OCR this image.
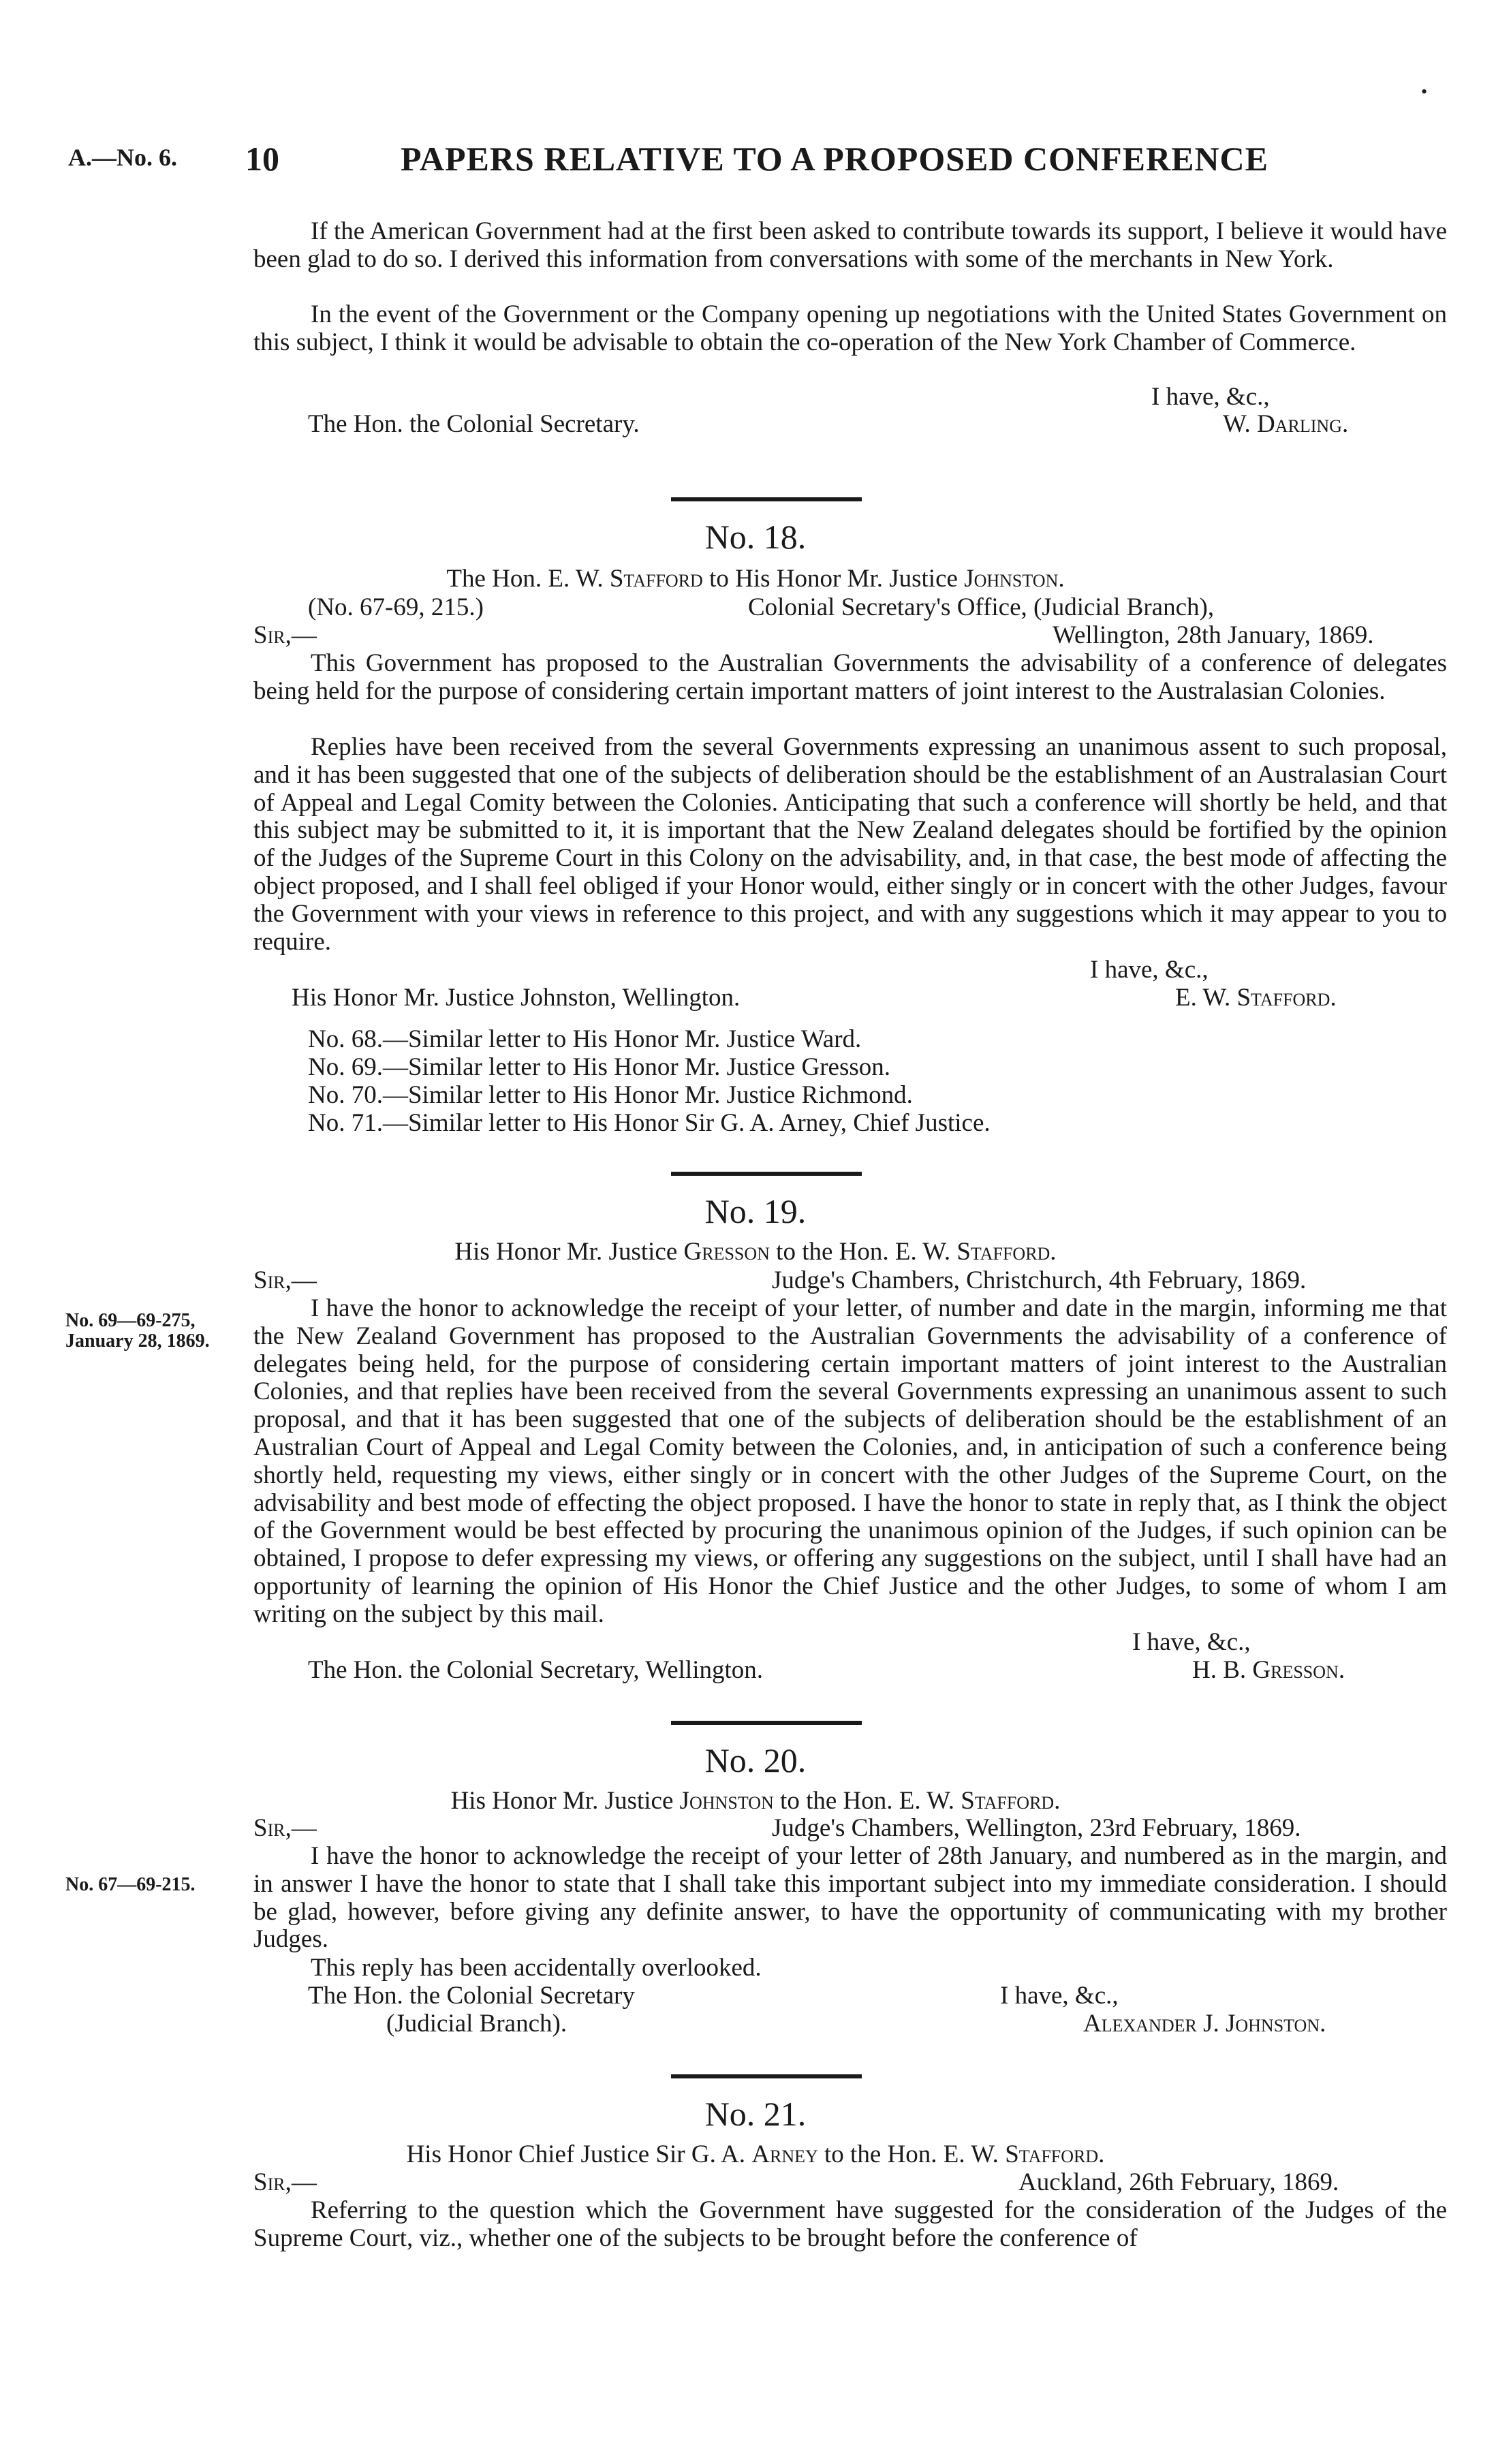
•
A.—No. 6. 10	PAPERS RELATIVE TO A PROPOSED CONFERENCE

If the American Government had at the first been asked to contribute towards its support, I believe it would have been glad to do so. I derived this information from conversations with some of the merchants in New York.

In the event of the Government or the Company opening up negotiations with the United States Government on this subject, I think it would be advisable to obtain the co-operation of the New York Chamber of Commerce.

I have, &c.,
The Hon. the Colonial Secretary.	W. Darling.
No. 18.
The Hon. E. W. Stafford to His Honor Mr. Justice Johnston.
(No. 67-69, 215.)	Colonial Secretary's Office, (Judicial Branch),
Sir,—	Wellington, 28th January, 1869.

This Government has proposed to the Australian Governments the advisability of a conference of delegates being held for the purpose of considering certain important matters of joint interest to the Australasian Colonies.

Replies have been received from the several Governments expressing an unanimous assent to such proposal, and it has been suggested that one of the subjects of deliberation should be the establishment of an Australasian Court of Appeal and Legal Comity between the Colonies. Anticipating that such a conference will shortly be held, and that this subject may be submitted to it, it is important that the New Zealand delegates should be fortified by the opinion of the Judges of the Supreme Court in this Colony on the advisability, and, in that case, the best mode of affecting the object proposed, and I shall feel obliged if your Honor would, either singly or in concert with the other Judges, favour the Government with your views in reference to this project, and with any suggestions which it may appear to you to require.

I have, &c.,
His Honor Mr. Justice Johnston, Wellington.	E. W. Stafford.
No. 68.—Similar letter to His Honor Mr. Justice Ward.
No. 69.—Similar letter to His Honor Mr. Justice Gresson.
No. 70.—Similar letter to His Honor Mr. Justice Richmond.
No. 71.—Similar letter to His Honor Sir G. A. Arney, Chief Justice.
No. 19.
His Honor Mr. Justice Gresson to the Hon. E. W. Stafford.
Sir,—	Judge's Chambers, Christchurch, 4th February, 1869.
No. 69—69-275,
January 28, 1869.

I have the honor to acknowledge the receipt of your letter, of number and date in the margin, informing me that the New Zealand Government has proposed to the Australian Governments the advisability of a conference of delegates being held, for the purpose of considering certain important matters of joint interest to the Australian Colonies, and that replies have been received from the several Governments expressing an unanimous assent to such proposal, and that it has been suggested that one of the subjects of deliberation should be the establishment of an Australian Court of Appeal and Legal Comity between the Colonies, and, in anticipation of such a conference being shortly held, requesting my views, either singly or in concert with the other Judges of the Supreme Court, on the advisability and best mode of effecting the object proposed. I have the honor to state in reply that, as I think the object of the Government would be best effected by procuring the unanimous opinion of the Judges, if such opinion can be obtained, I propose to defer expressing my views, or offering any suggestions on the subject, until I shall have had an opportunity of learning the opinion of His Honor the Chief Justice and the other Judges, to some of whom I am writing on the subject by this mail.

I have, &c.,
The Hon. the Colonial Secretary, Wellington.	H. B. Gresson.
No. 20.
His Honor Mr. Justice Johnston to the Hon. E. W. Stafford.
Sir,—	Judge's Chambers, Wellington, 23rd February, 1869.
No. 67—69-215.

I have the honor to acknowledge the receipt of your letter of 28th January, and numbered as in the margin, and in answer I have the honor to state that I shall take this important subject into my immediate consideration. I should be glad, however, before giving any definite answer, to have the opportunity of communicating with my brother Judges.

This reply has been accidentally overlooked.

The Hon. the Colonial Secretary	I have, &c.,
(Judicial Branch).	Alexander J. Johnston.
No. 21.
His Honor Chief Justice Sir G. A. Arney to the Hon. E. W. Stafford.
Sir,—	Auckland, 26th February, 1869.

Referring to the question which the Government have suggested for the consideration of the Judges of the Supreme Court, viz., whether one of the subjects to be brought before the conference of
